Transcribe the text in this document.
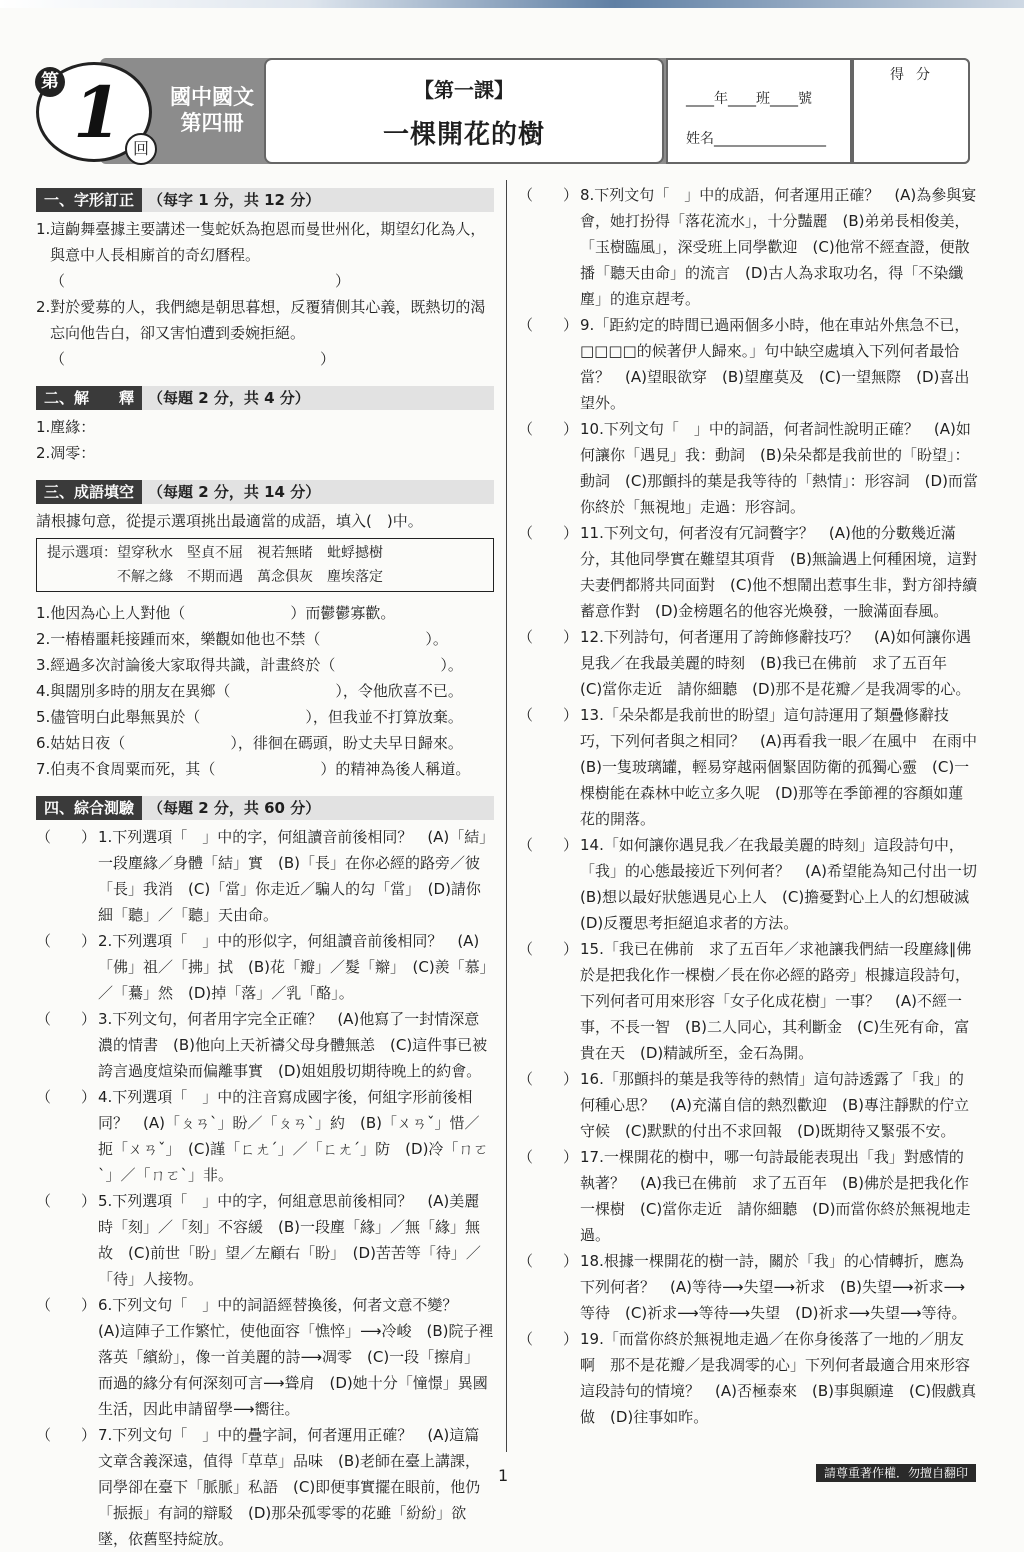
第 1 回
國中國文
第四冊
【第一課】
一棵開花的樹
____年____班____號
姓名________________
得分
一、字形訂正 （每字 1 分，共 12 分）

1.這齣舞臺據主要講述一隻蛇妖為抱恩而曼世州化，期望幻化為人，與意中人長相廝首的奇幻曆程。（　　　　　　　　　　　　　　　　　　）

2.對於愛募的人，我們總是朝思暮想，反覆猜側其心義，既熱切的渴忘向他告白，卻又害怕遭到委婉拒絕。（　　　　　　　　　　　　　　　　　）

二、解　　釋 （每題 2 分，共 4 分）

1.塵緣：

2.凋零：

三、成語填空 （每題 2 分，共 14 分）

請根據句意，從提示選項挑出最適當的成語，填入(　)中。

提示選項：望穿秋水　堅貞不屈　視若無睹　蚍蜉撼樹
　　　　　不解之緣　不期而遇　萬念俱灰　塵埃落定

1.他因為心上人對他（　　　　　　　）而鬱鬱寡歡。

2.一樁樁噩耗接踵而來，樂觀如他也不禁（　　　　　　　）。

3.經過多次討論後大家取得共識，計畫終於（　　　　　　　）。

4.與闊別多時的朋友在異鄉（　　　　　　　），令他欣喜不已。

5.儘管明白此舉無異於（　　　　　　　），但我並不打算放棄。

6.姑姑日夜（　　　　　　　），徘徊在碼頭，盼丈夫早日歸來。

7.伯夷不食周粟而死，其（　　　　　　　）的精神為後人稱道。

四、綜合測驗 （每題 2 分，共 60 分）
（　　） 1.下列選項「　」中的字，何組讀音前後相同？　(A)「結」一段塵緣／身體「結」實　(B)「長」在你必經的路旁／彼「長」我消　(C)「當」你走近／騙人的勾「當」　(D)請你細「聽」／「聽」天由命。
（　　） 2.下列選項「　」中的形似字，何組讀音前後相同？　(A)「佛」祖／「拂」拭　(B)花「瓣」／髮「辮」　(C)羨「慕」／「驀」然　(D)掉「落」／乳「酪」。
（　　） 3.下列文句，何者用字完全正確？　(A)他寫了一封情深意濃的情書　(B)他向上天祈禱父母身體無恙　(C)這件事已被誇言過度煊染而偏離事實　(D)姐姐殷切期待晚上的約會。
（　　） 4.下列選項「　」中的注音寫成國字後，何組字形前後相同？　(A)「ㄆㄢˋ」盼／「ㄆㄢˋ」約　(B)「ㄨㄢˇ」惜／扼「ㄨㄢˇ」　(C)謹「ㄈㄤˊ」／「ㄈㄤˊ」防　(D)冷「ㄇㄛˋ」／「ㄇㄛˋ」非。
（　　） 5.下列選項「　」中的字，何組意思前後相同？　(A)美麗時「刻」／「刻」不容緩　(B)一段塵「緣」／無「緣」無故　(C)前世「盼」望／左顧右「盼」　(D)苦苦等「待」／「待」人接物。
（　　） 6.下列文句「　」中的詞語經替換後，何者文意不變？　(A)這陣子工作繁忙，使他面容「憔悴」⟶冷峻　(B)院子裡落英「繽紛」，像一首美麗的詩⟶凋零　(C)一段「擦肩」而過的緣分有何深刻可言⟶聳肩　(D)她十分「憧憬」異國生活，因此申請留學⟶嚮往。
（　　） 7.下列文句「　」中的疊字詞，何者運用正確？　(A)這篇文章含義深遠，值得「草草」品味　(B)老師在臺上講課，同學卻在臺下「脈脈」私語　(C)即便事實擺在眼前，他仍「振振」有詞的辯駁　(D)那朵孤零零的花雖「紛紛」欲墜，依舊堅持綻放。
（　　） 8.下列文句「　」中的成語，何者運用正確？　(A)為參與宴會，她打扮得「落花流水」，十分豔麗　(B)弟弟長相俊美，「玉樹臨風」，深受班上同學歡迎　(C)他常不經查證，便散播「聽天由命」的流言　(D)古人為求取功名，得「不染纖塵」的進京趕考。
（　　） 9.「距約定的時間已過兩個多小時，他在車站外焦急不已，□□□□的候著伊人歸來。」句中缺空處填入下列何者最恰當？　(A)望眼欲穿　(B)望塵莫及　(C)一望無際　(D)喜出望外。
（　　） 10.下列文句「　」中的詞語，何者詞性說明正確？　(A)如何讓你「遇見」我：動詞　(B)朵朵都是我前世的「盼望」：動詞　(C)那顫抖的葉是我等待的「熱情」：形容詞　(D)而當你終於「無視地」走過：形容詞。
（　　） 11.下列文句，何者沒有冗詞贅字？　(A)他的分數幾近滿分，其他同學實在難望其項背　(B)無論遇上何種困境，這對夫妻們都將共同面對　(C)他不想鬧出惹事生非，對方卻持續蓄意作對　(D)金榜題名的他容光煥發，一臉滿面春風。
（　　） 12.下列詩句，何者運用了誇飾修辭技巧？　(A)如何讓你遇見我／在我最美麗的時刻　(B)我已在佛前　求了五百年　(C)當你走近　請你細聽　(D)那不是花瓣／是我凋零的心。
（　　） 13.「朵朵都是我前世的盼望」這句詩運用了類疊修辭技巧，下列何者與之相同？　(A)再看我一眼／在風中　在雨中　(B)一隻玻璃罐，輕易穿越兩個緊固防衛的孤獨心靈　(C)一棵樹能在森林中屹立多久呢　(D)那等在季節裡的容顏如蓮花的開落。
（　　） 14.「如何讓你遇見我／在我最美麗的時刻」這段詩句中，「我」的心態最接近下列何者？　(A)希望能為知己付出一切　(B)想以最好狀態遇見心上人　(C)擔憂對心上人的幻想破滅　(D)反覆思考拒絕追求者的方法。
（　　） 15.「我已在佛前　求了五百年／求祂讓我們結一段塵緣∥佛於是把我化作一棵樹／長在你必經的路旁」根據這段詩句，下列何者可用來形容「女子化成花樹」一事？　(A)不經一事，不長一智　(B)二人同心，其利斷金　(C)生死有命，富貴在天　(D)精誠所至，金石為開。
（　　） 16.「那顫抖的葉是我等待的熱情」這句詩透露了「我」的何種心思？　(A)充滿自信的熱烈歡迎　(B)專注靜默的佇立守候　(C)默默的付出不求回報　(D)既期待又緊張不安。
（　　） 17.一棵開花的樹中，哪一句詩最能表現出「我」對感情的執著？　(A)我已在佛前　求了五百年　(B)佛於是把我化作一棵樹　(C)當你走近　請你細聽　(D)而當你終於無視地走過。
（　　） 18.根據一棵開花的樹一詩，關於「我」的心情轉折，應為下列何者？　(A)等待⟶失望⟶祈求　(B)失望⟶祈求⟶等待　(C)祈求⟶等待⟶失望　(D)祈求⟶失望⟶等待。
（　　） 19.「而當你終於無視地走過／在你身後落了一地的／朋友啊　那不是花瓣／是我凋零的心」下列何者最適合用來形容這段詩句的情境？　(A)否極泰來　(B)事與願違　(C)假戲真做　(D)往事如昨。
1	請尊重著作權．勿擅自翻印
